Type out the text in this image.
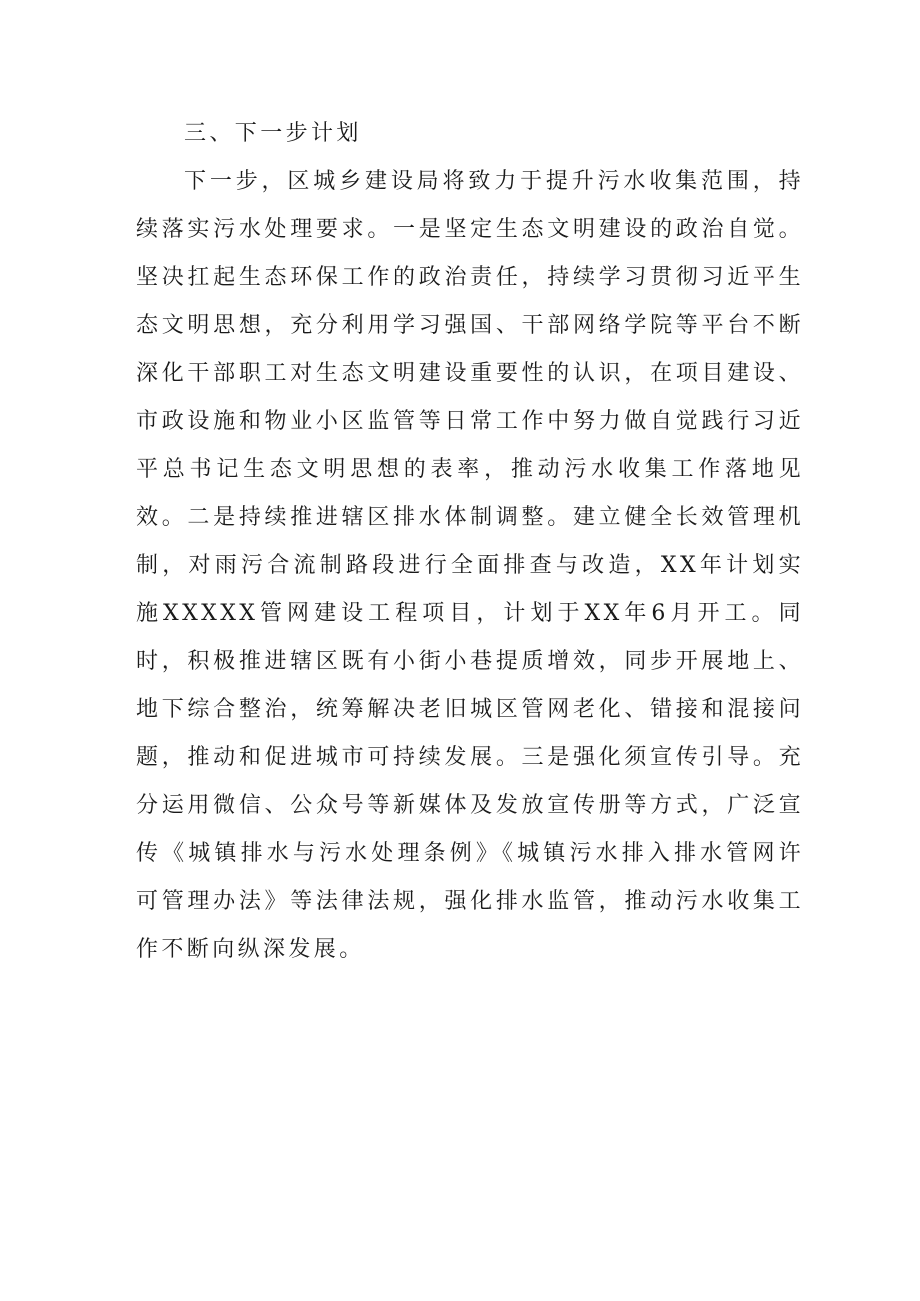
三、下一步计划

下一步，区城乡建设局将致力于提升污水收集范围，持续落实污水处理要求。一是坚定生态文明建设的政治自觉。坚决扛起生态环保工作的政治责任，持续学习贯彻习近平生态文明思想，充分利用学习强国、干部网络学院等平台不断深化干部职工对生态文明建设重要性的认识，在项目建设、市政设施和物业小区监管等日常工作中努力做自觉践行习近平总书记生态文明思想的表率，推动污水收集工作落地见效。二是持续推进辖区排水体制调整。建立健全长效管理机制，对雨污合流制路段进行全面排查与改造，XX年计划实施XXXXX管网建设工程项目，计划于XX年6月开工。同时，积极推进辖区既有小街小巷提质增效，同步开展地上、地下综合整治，统筹解决老旧城区管网老化、错接和混接问题，推动和促进城市可持续发展。三是强化须宣传引导。充分运用微信、公众号等新媒体及发放宣传册等方式，广泛宣传《城镇排水与污水处理条例》《城镇污水排入排水管网许可管理办法》等法律法规，强化排水监管，推动污水收集工作不断向纵深发展。
